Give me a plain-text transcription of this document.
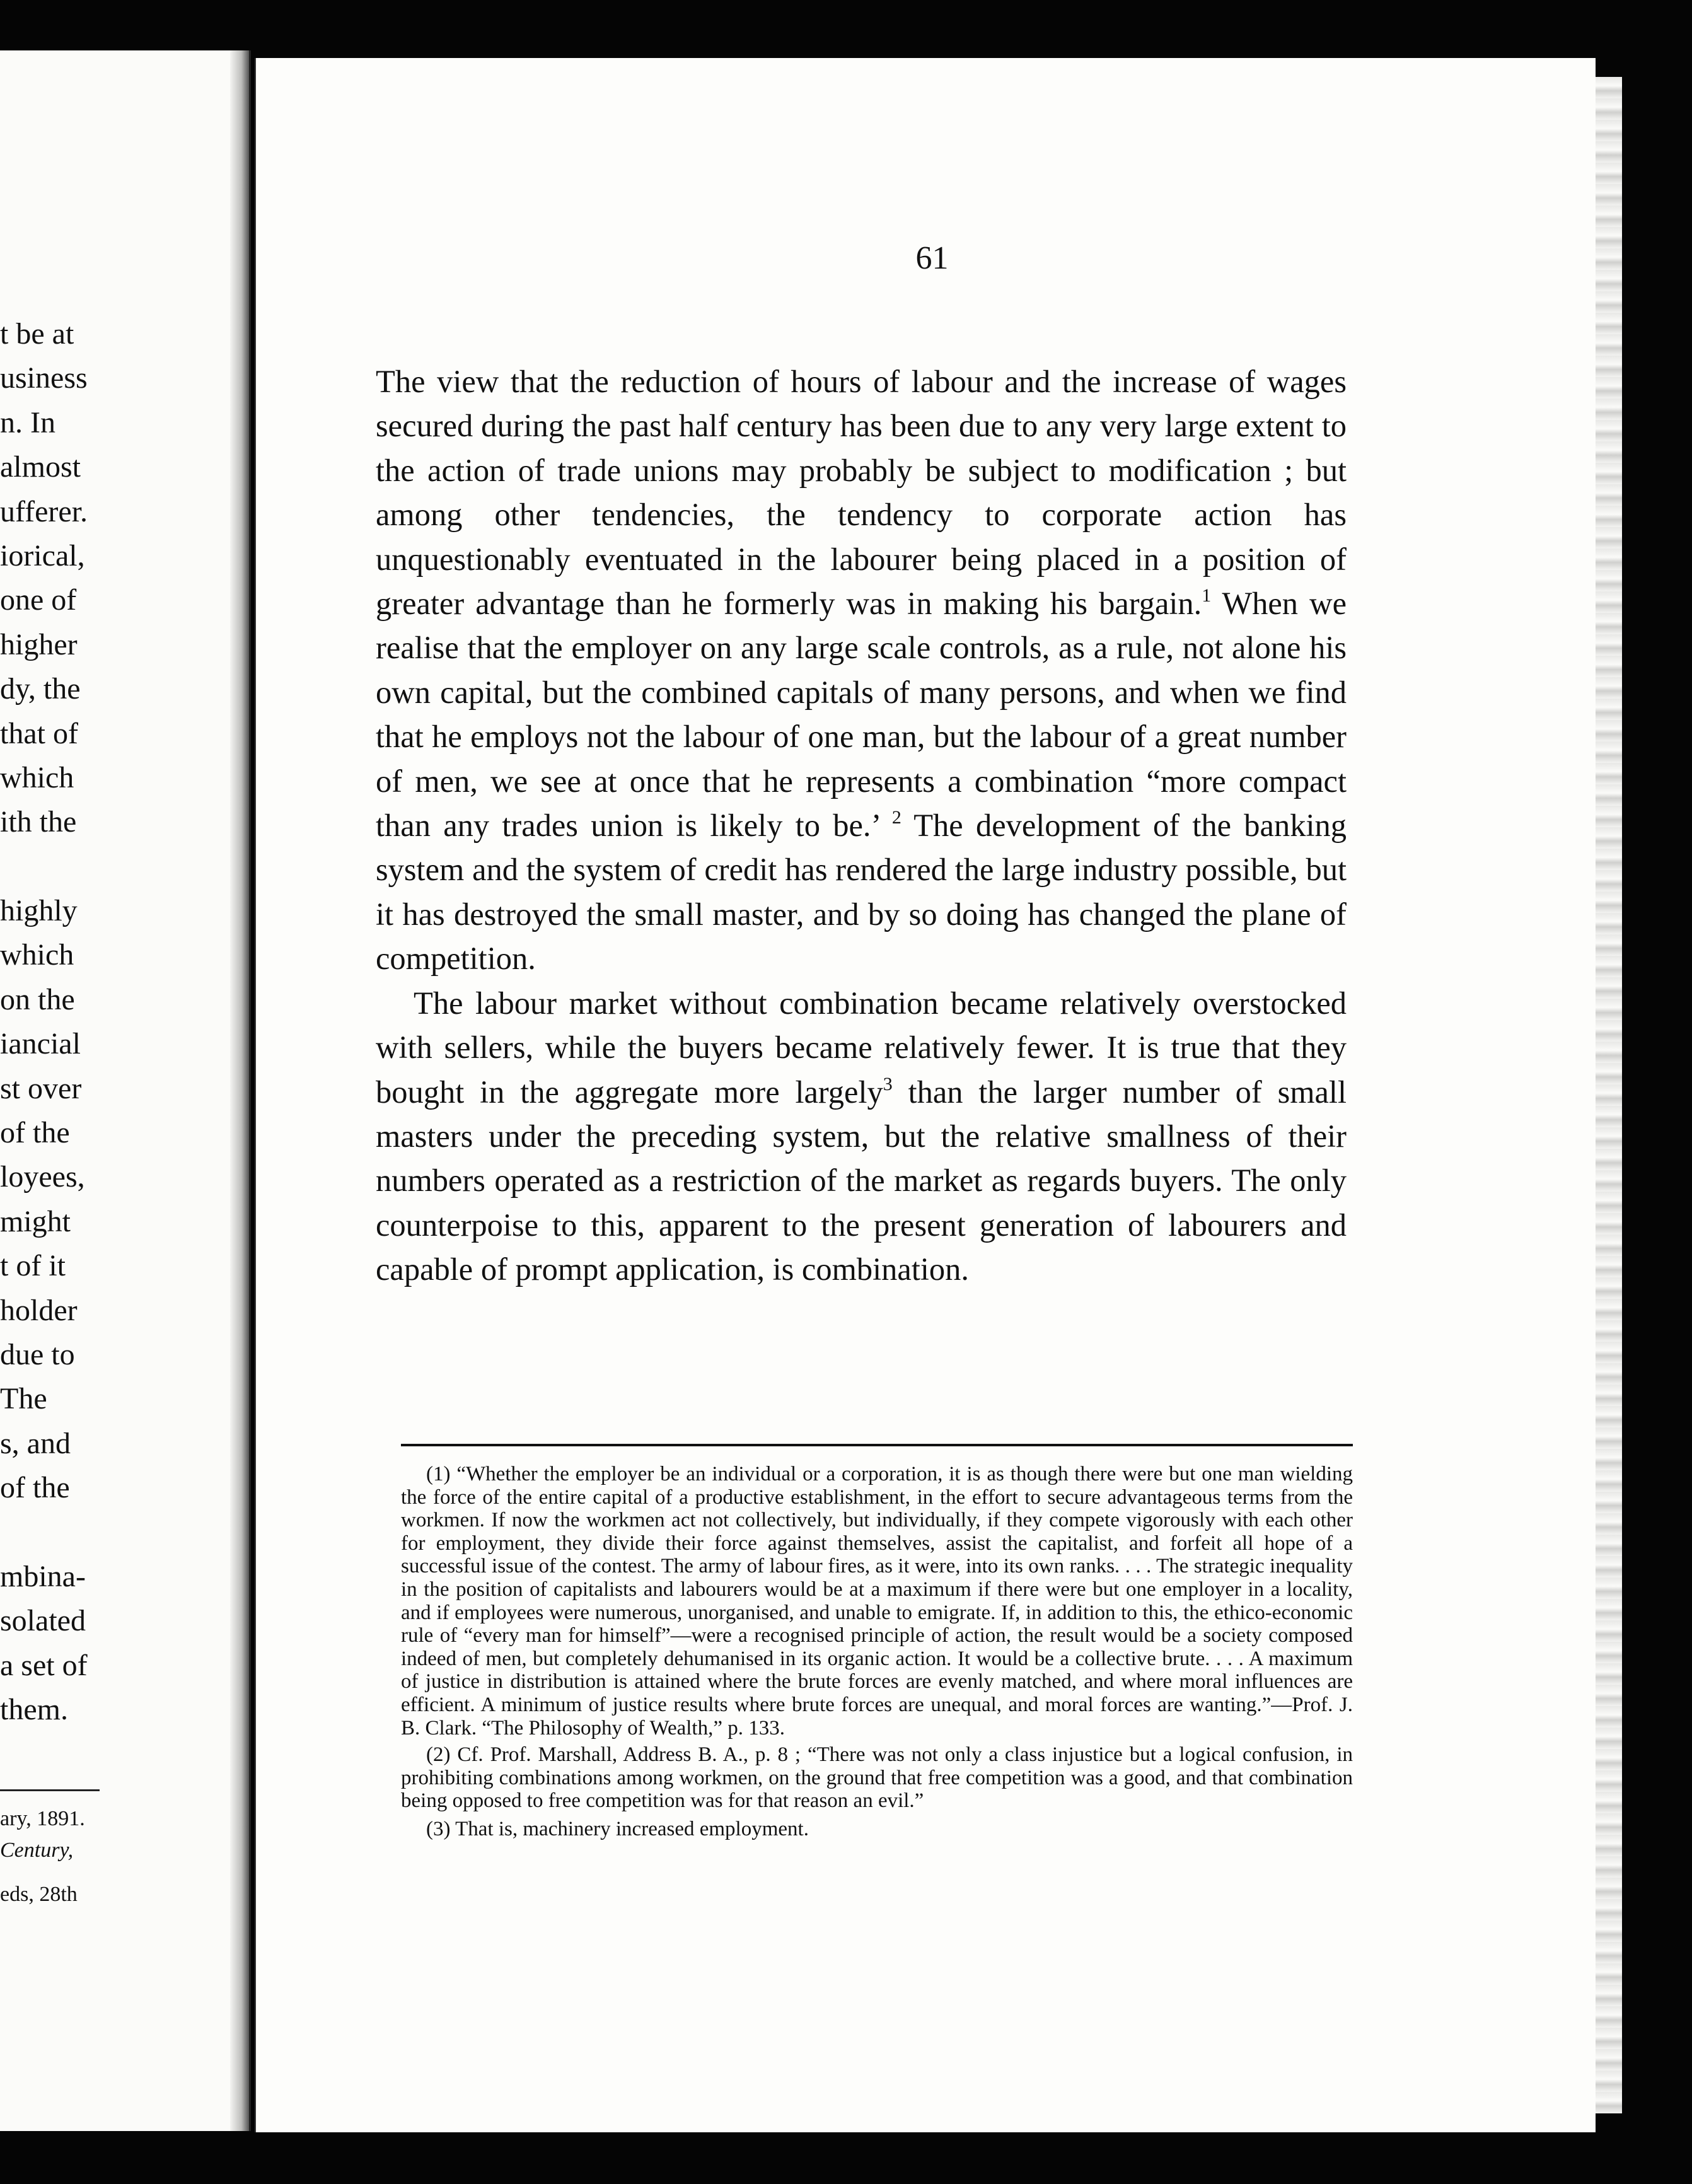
t be at
usiness
n. In
almost
ufferer.
iorical,
one of
higher
dy, the
that of
which
ith the
highly
which
on the
iancial
st over
of the
loyees,
might
t of it
holder
due to
The
s, and
of the
mbina-
solated
a set of
them.
ary, 1891.
Century,
eds, 28th
61

The view that the reduction of hours of labour and the increase of wages secured during the past half century has been due to any very large extent to the action of trade unions may probably be subject to modification ; but among other tendencies, the tendency to corporate action has unquestionably eventuated in the labourer being placed in a position of greater advantage than he formerly was in making his bargain.$^1$ When we realise that the employer on any large scale controls, as a rule, not alone his own capital, but the combined capitals of many persons, and when we find that he employs not the labour of one man, but the labour of a great number of men, we see at once that he represents a combination “more compact than any trades union is likely to be.’ $^2$ The development of the banking system and the system of credit has rendered the large industry possible, but it has destroyed the small master, and by so doing has changed the plane of competition.

The labour market without combination became relatively overstocked with sellers, while the buyers became relatively fewer. It is true that they bought in the aggregate more largely$^3$ than the larger number of small masters under the preceding system, but the relative smallness of their numbers operated as a restriction of the market as regards buyers. The only counterpoise to this, apparent to the present generation of labourers and capable of prompt application, is combination.

(1) “Whether the employer be an individual or a corporation, it is as though there were but one man wielding the force of the entire capital of a productive establishment, in the effort to secure advantageous terms from the workmen. If now the workmen act not collectively, but individually, if they compete vigorously with each other for employment, they divide their force against themselves, assist the capitalist, and forfeit all hope of a successful issue of the contest. The army of labour fires, as it were, into its own ranks. . . . The strategic inequality in the position of capitalists and labourers would be at a maximum if there were but one employer in a locality, and if employees were numerous, unorganised, and unable to emigrate. If, in addition to this, the ethico-economic rule of “every man for himself”—were a recognised principle of action, the result would be a society composed indeed of men, but completely dehumanised in its organic action. It would be a collective brute. . . . A maximum of justice in distribution is attained where the brute forces are evenly matched, and where moral influences are efficient. A minimum of justice results where brute forces are unequal, and moral forces are wanting.”—Prof. J. B. Clark. “The Philosophy of Wealth,” p. 133.

(2) Cf. Prof. Marshall, Address B. A., p. 8 ; “There was not only a class injustice but a logical confusion, in prohibiting combinations among workmen, on the ground that free competition was a good, and that combination being opposed to free competition was for that reason an evil.”

(3) That is, machinery increased employment.
